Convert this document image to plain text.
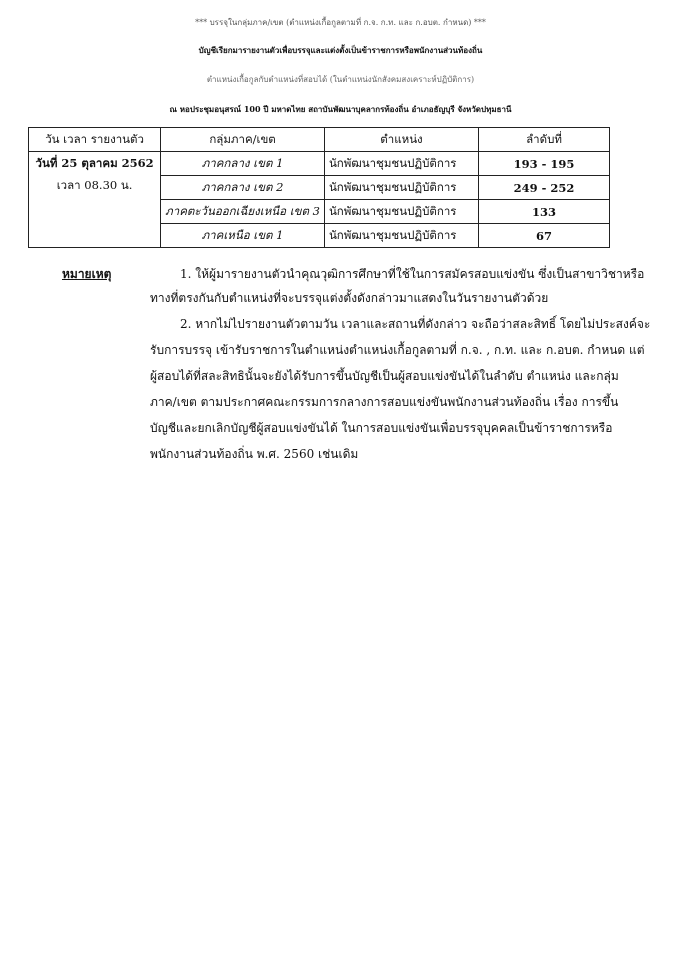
*** บรรจุในกลุ่มภาค/เขต (ตำแหน่งเกื้อกูลตามที่ ก.จ. ก.ท. และ ก.อบต. กำหนด) ***
บัญชีเรียกมารายงานตัวเพื่อบรรจุและแต่งตั้งเป็นข้าราชการหรือพนักงานส่วนท้องถิ่น
ตำแหน่งเกื้อกูลกับตำแหน่งที่สอบได้ (ในตำแหน่งนักสังคมสงเคราะห์ปฏิบัติการ)
ณ หอประชุมอนุสรณ์ 100 ปี มหาดไทย สถาบันพัฒนาบุคลากรท้องถิ่น อำเภอธัญบุรี จังหวัดปทุมธานี
วัน เวลา รายงานตัว	กลุ่มภาค/เขต	ตำแหน่ง	ลำดับที่

วันที่ 25 ตุลาคม 2562
เวลา 08.30 น.	ภาคกลาง เขต 1	นักพัฒนาชุมชนปฏิบัติการ	193 - 195
	ภาคกลาง เขต 2	นักพัฒนาชุมชนปฏิบัติการ	249 - 252
	ภาคตะวันออกเฉียงเหนือ เขต 3	นักพัฒนาชุมชนปฏิบัติการ	133
	ภาคเหนือ เขต 1	นักพัฒนาชุมชนปฏิบัติการ	67
หมายเหตุ	1. ให้ผู้มารายงานตัวนำคุณวุฒิการศึกษาที่ใช้ในการสมัครสอบแข่งขัน ซึ่งเป็นสาขาวิชาหรือ
ทางที่ตรงกันกับตำแหน่งที่จะบรรจุแต่งตั้งดังกล่าวมาแสดงในวันรายงานตัวด้วย
2. หากไม่ไปรายงานตัวตามวัน เวลาและสถานที่ดังกล่าว จะถือว่าสละสิทธิ์ โดยไม่ประสงค์จะ
รับการบรรจุ เข้ารับราชการในตำแหน่งตำแหน่งเกื้อกูลตามที่ ก.จ. , ก.ท. และ ก.อบต. กำหนด แต่
ผู้สอบได้ที่สละสิทธินั้นจะยังได้รับการขึ้นบัญชีเป็นผู้สอบแข่งขันได้ในลำดับ ตำแหน่ง และกลุ่ม
ภาค/เขต ตามประกาศคณะกรรมการกลางการสอบแข่งขันพนักงานส่วนท้องถิ่น เรื่อง การขึ้น
บัญชีและยกเลิกบัญชีผู้สอบแข่งขันได้ ในการสอบแข่งขันเพื่อบรรจุบุคคลเป็นข้าราชการหรือ
พนักงานส่วนท้องถิ่น พ.ศ. 2560 เช่นเดิม
